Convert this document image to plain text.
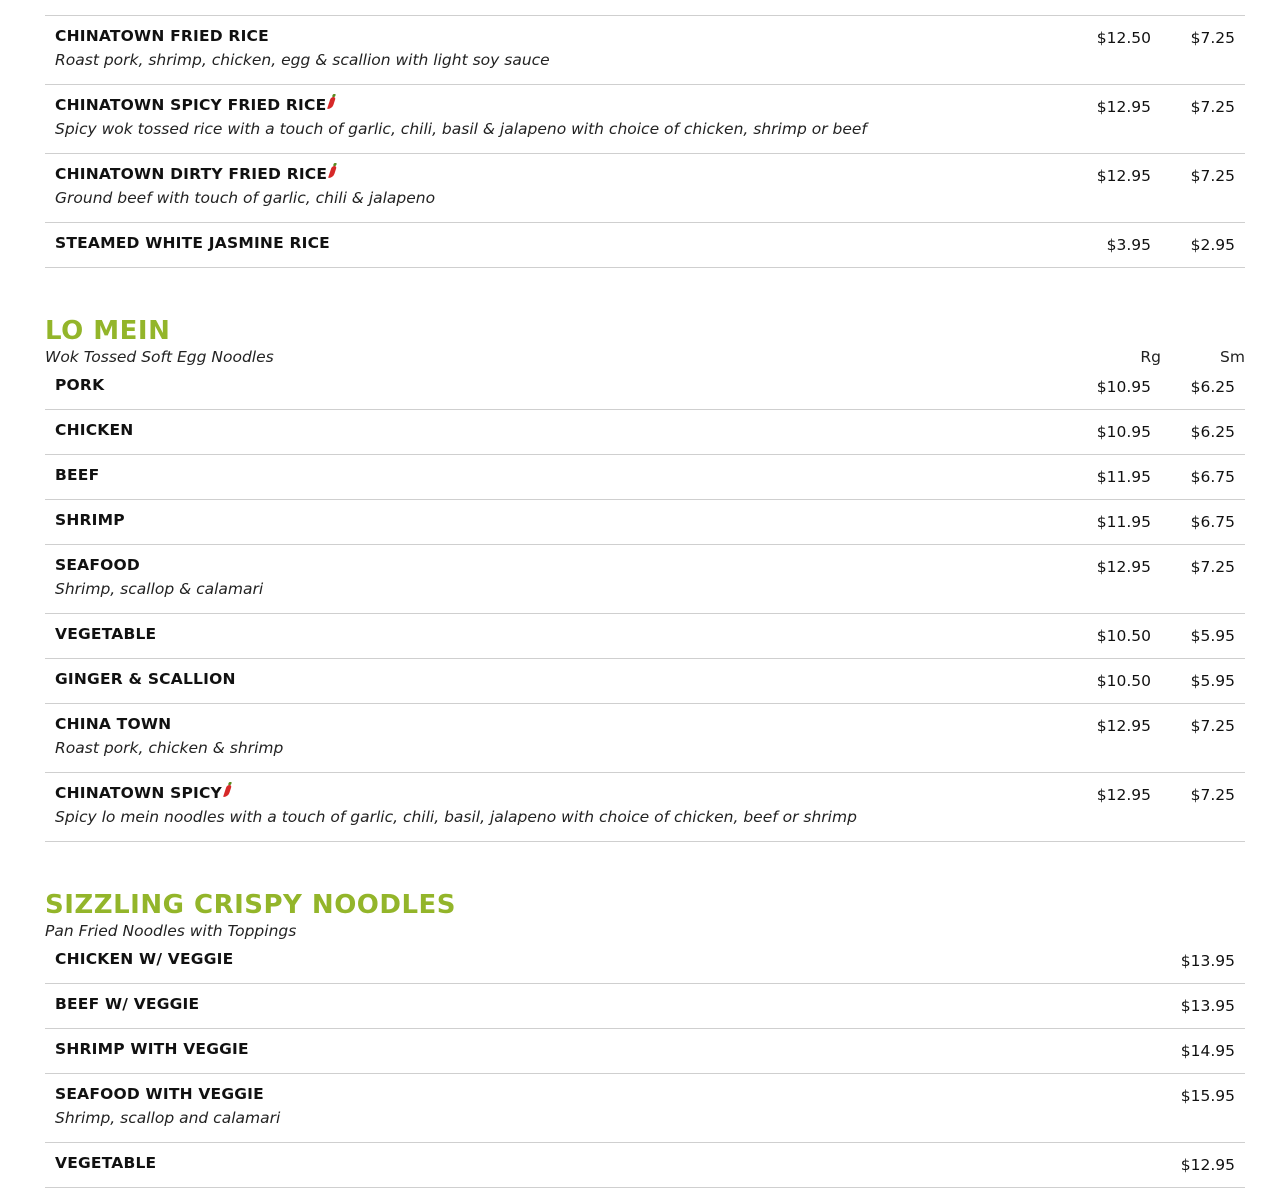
CHINATOWN FRIED RICE
Roast pork, shrimp, chicken, egg & scallion with light soy sauce
$12.50	$7.25
CHINATOWN SPICY FRIED RICE
Spicy wok tossed rice with a touch of garlic, chili, basil & jalapeno with choice of chicken, shrimp or beef
$12.95	$7.25
CHINATOWN DIRTY FRIED RICE
Ground beef with touch of garlic, chili & jalapeno
$12.95	$7.25
STEAMED WHITE JASMINE RICE	$3.95	$2.95
LO MEIN
Wok Tossed Soft Egg Noodles	Rg	Sm
PORK	$10.95	$6.25
CHICKEN	$10.95	$6.25
BEEF	$11.95	$6.75
SHRIMP	$11.95	$6.75
SEAFOOD
Shrimp, scallop & calamari
$12.95	$7.25
VEGETABLE	$10.50	$5.95
GINGER & SCALLION	$10.50	$5.95
CHINA TOWN
Roast pork, chicken & shrimp
$12.95	$7.25
CHINATOWN SPICY
Spicy lo mein noodles with a touch of garlic, chili, basil, jalapeno with choice of chicken, beef or shrimp
$12.95	$7.25
SIZZLING CRISPY NOODLES
Pan Fried Noodles with Toppings
CHICKEN W/ VEGGIE	$13.95
BEEF W/ VEGGIE	$13.95
SHRIMP WITH VEGGIE	$14.95
SEAFOOD WITH VEGGIE
Shrimp, scallop and calamari
$15.95
VEGETABLE	$12.95
